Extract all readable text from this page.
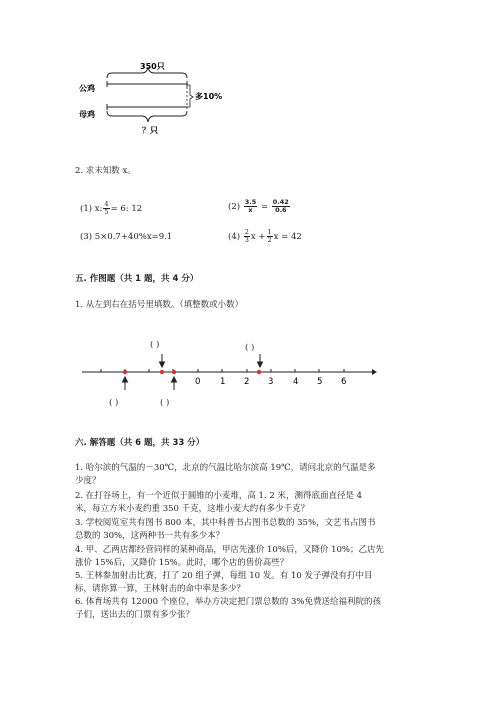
350只
多10%
？只
公鸡
母鸡
2. 求未知数 x。
(1) x: $\frac{4}{5} = 6$: 12	$(2) \frac{3.5}{x} = \frac{0.42}{0.6}$
(3) 5×0.7+40%x=9.1	$(4) \frac{2}{3}$ $x + \frac{1}{2}$ x = 42
五. 作图题（共 1 题，共 4 分）
1. 从左到右在括号里填数。（填整数或小数）
( )	( )
0 1 2 3 4 5 6
( )	( )
六. 解答题（共 6 题，共 33 分）
1. 哈尔滨的气温的－30℃，北京的气温比哈尔滨高 19℃，请问北京的气温是多
少度？
2. 在打谷场上，有一个近似于圆锥的小麦堆，高 1. 2 米，测得底面直径是 4
米，每立方米小麦约重 350 千克，这堆小麦大约有多少千克？
3. 学校阅览室共有图书 800 本，其中科普书占图书总数的 35%，文艺书占图书
总数的 30%，这两种书一共有多少本？
4. 甲、乙两店都经营同样的某种商品，甲店先涨价 10%后，又降价 10%；乙店先
涨价 15%后，又降价 15%。此时，哪个店的售价高些？
5. 王林参加射击比赛，打了 20 组子弹，每组 10 发。有 10 发子弹没有打中目
标，请你算一算，王林射击的命中率是多少？
6. 体育场共有 12000 个座位，举办方决定把门票总数的 3%免费送给福利院的孩
子们，送出去的门票有多少张？
